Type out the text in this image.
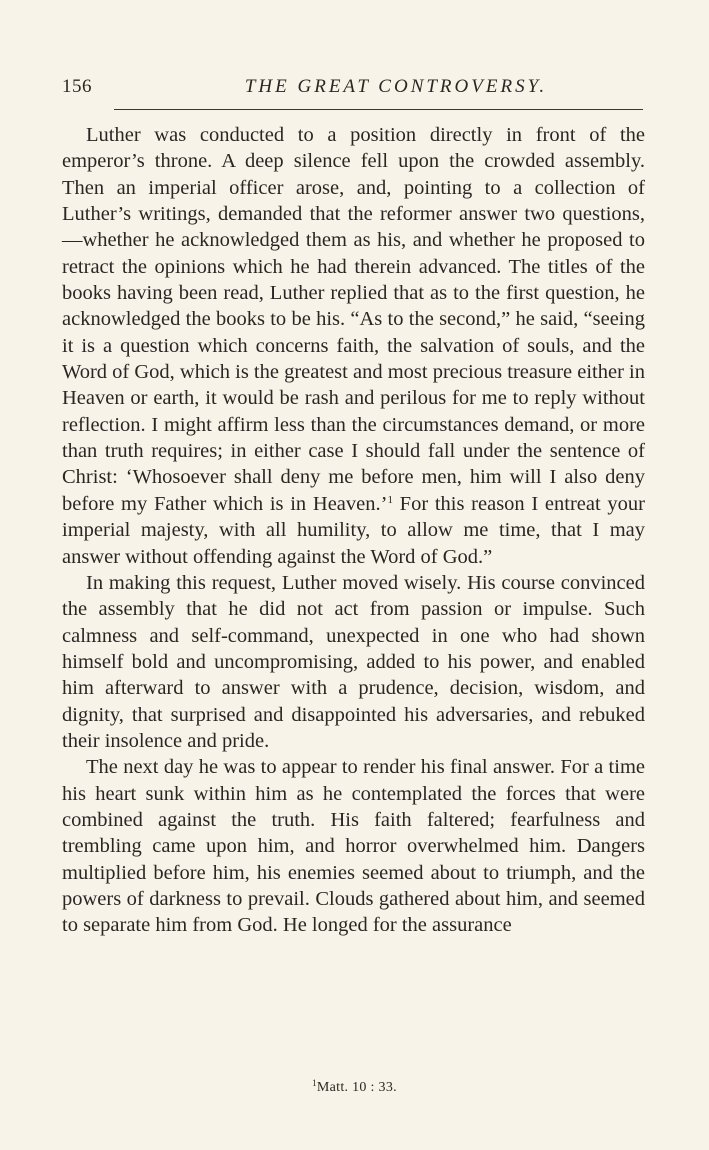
156	THE GREAT CONTROVERSY.

Luther was conducted to a position directly in front of the emperor’s throne. A deep silence fell upon the crowded assembly. Then an imperial officer arose, and, pointing to a collection of Luther’s writings, demanded that the reformer answer two questions,—whether he acknowledged them as his, and whether he proposed to retract the opinions which he had therein advanced. The titles of the books having been read, Luther replied that as to the first question, he acknowledged the books to be his. “As to the second,” he said, “seeing it is a question which concerns faith, the salvation of souls, and the Word of God, which is the greatest and most precious treasure either in Heaven or earth, it would be rash and perilous for me to reply without reflection. I might affirm less than the circumstances demand, or more than truth requires; in either case I should fall under the sentence of Christ: ‘Whosoever shall deny me before men, him will I also deny before my Father which is in Heaven.’$^1$ For this reason I entreat your imperial majesty, with all humility, to allow me time, that I may answer without offending against the Word of God.”

In making this request, Luther moved wisely. His course convinced the assembly that he did not act from passion or impulse. Such calmness and self-command, unexpected in one who had shown himself bold and uncompromising, added to his power, and enabled him afterward to answer with a prudence, decision, wisdom, and dignity, that surprised and disappointed his adversaries, and rebuked their insolence and pride.

The next day he was to appear to render his final answer. For a time his heart sunk within him as he contemplated the forces that were combined against the truth. His faith faltered; fearfulness and trembling came upon him, and horror overwhelmed him. Dangers multiplied before him, his enemies seemed about to triumph, and the powers of darkness to prevail. Clouds gathered about him, and seemed to separate him from God. He longed for the assurance

$^1$Matt. 10 : 33.
